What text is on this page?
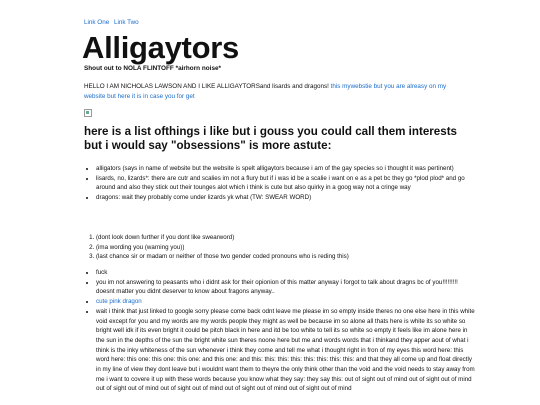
Link One Link Two
Alligaytors

Shout out to NOLA FLINTOFF *airhorn noise*

HELLO I AM NICHOLAS LAWSON AND I LIKE ALLIGAYTORSand lisards and dragons! this mywebstie but you are alreasy on my website but here it is in case you for get

here is a list ofthings i like but i gouss you could call them interests but i would say "obsessions" is more astute:
• alligators (says in name of website but the website is spelt alligaytors because i am of the gay species so i thought it was pertinent)
• lisards, no, lizards*: there are cutr and scalies im not a flury but if i was id be a scalie i want on e as a pet bc they go *plod plod* and go around and also they stick out their tounges alot which i think is cute but also quirky in a goog way not a cringe way
• dragons: wait they probably come under lizards yk what (TW: SWEAR WORD)
1. (dont look down further if you dont like swearword)
2. (ima wording you (warning you))
3. (last chance sir or madam or neither of those two gender coded pronouns who is reding this)
• fuck
• you im not answering to peasants who i didnt ask for their opionion of this matter anyway i forgot to talk about dragns bc of you!!!!!!!!! doesnt matter you didnt deserver to know about fragons anyway..
• cute pink dragon
• wait i think that just linked to google sorry please come back odnt leave me please im so empty inside theres no one else here in this white void except for you and my words are my words people they might as well be because im so alone all thats here is white its so white so bright well idk if its even bright it could be pitch black in here and itd be too white to tell its so white so empty it feels like im alone here in the sun in the depths of the sun the bright white sun theres noone here but me and words words that i thinkand they apper aout of what i think is the inky whiteness of the sun whenever i think they come and tell me what i thought right in fron of my eyes this word here: this word here: this one: this one: this one: and this one: and this: this: this: this: this: this: this: this: and that they all come up and float directly in my line of view they dont leave but i wouldnt want them to theyre the only think other than the void and the void needs to stay away from me i want to covere it up with these words because you know what they say: they say this: out of sight out of mind out of sight out of mind out of sight out of mind out of sight out of mind out of sight out of mind out of sight out of mind
